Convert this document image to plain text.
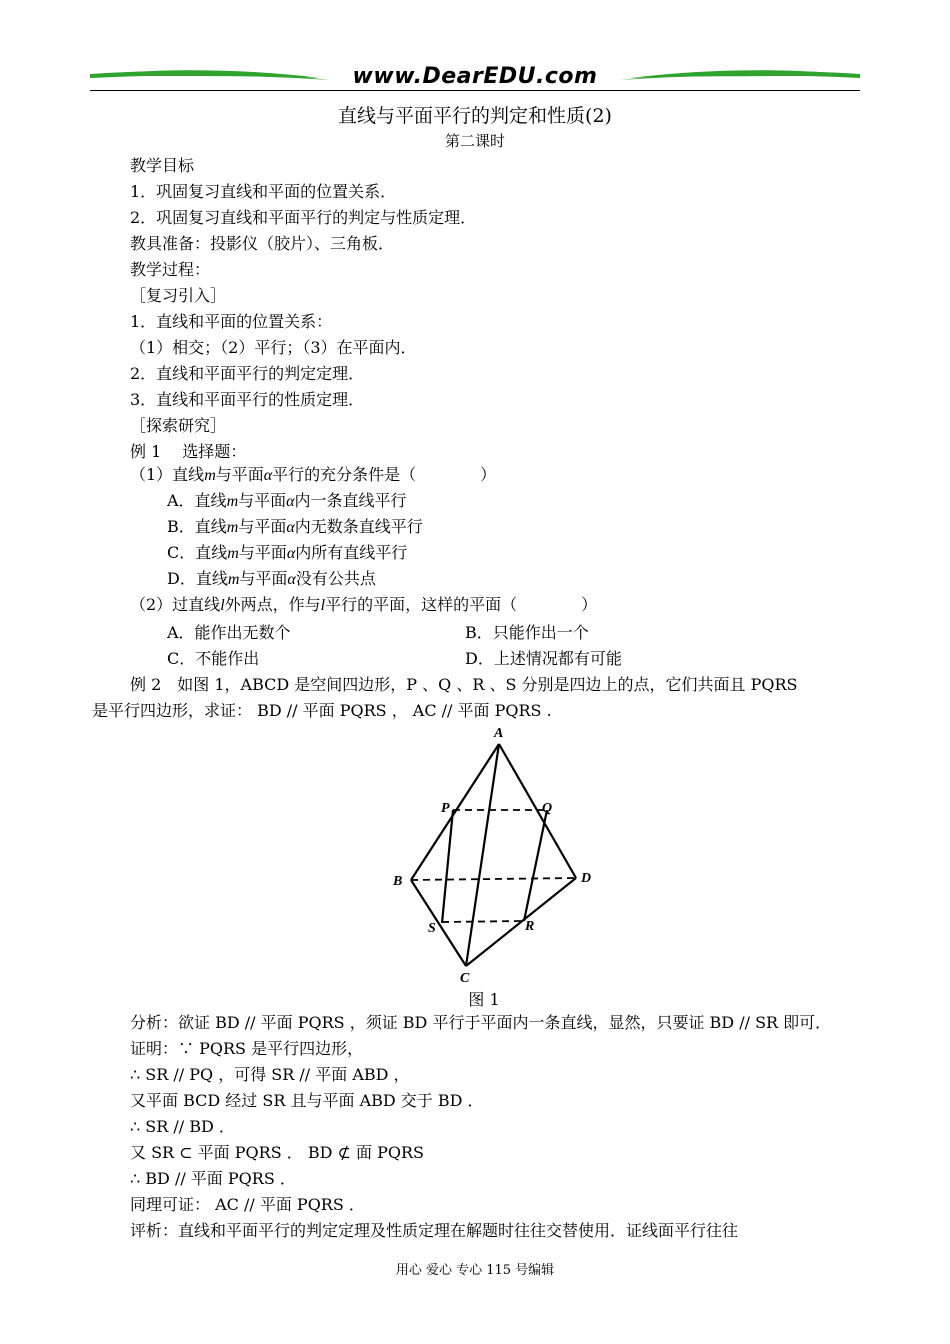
www.DearEDU.com
直线与平面平行的判定和性质(2)
第二课时
教学目标
1．巩固复习直线和平面的位置关系．
2．巩固复习直线和平面平行的判定与性质定理．
教具准备：投影仪（胶片）、三角板．
教学过程：
［复习引入］
1．直线和平面的位置关系：
（1）相交；（2）平行；（3）在平面内．
2．直线和平面平行的判定定理．
3．直线和平面平行的性质定理．
［探索研究］
例 1　 选择题：
（1）直线m与平面α平行的充分条件是（　　　　）
A．直线m与平面α内一条直线平行
B．直线m与平面α内无数条直线平行
C．直线m与平面α内所有直线平行
D．直线m与平面α没有公共点
（2）过直线l外两点，作与l平行的平面，这样的平面（　　　　）
A．能作出无数个	B．只能作出一个
C．不能作出	D．上述情况都有可能
例 2　如图 1，ABCD 是空间四边形，P 、Q 、R 、S 分别是四边上的点，它们共面且 PQRS
是平行四边形，求证： BD // 平面 PQRS ， AC // 平面 PQRS .
A
B
C
D
P	Q
R
S
图 1
分析：欲证 BD // 平面 PQRS ，须证 BD 平行于平面内一条直线，显然，只要证 BD // SR 即可．
证明：∵ PQRS 是平行四边形，
∴ SR // PQ ，可得 SR // 平面 ABD ，
又平面 BCD 经过 SR 且与平面 ABD 交于 BD ．
∴ SR // BD ．
又 SR ⊂ 平面 PQRS ． BD ⊄ 面 PQRS
∴ BD // 平面 PQRS ．
同理可证： AC // 平面 PQRS ．
评析：直线和平面平行的判定定理及性质定理在解题时往往交替使用．证线面平行往往
用心 爱心 专心 115 号编辑
